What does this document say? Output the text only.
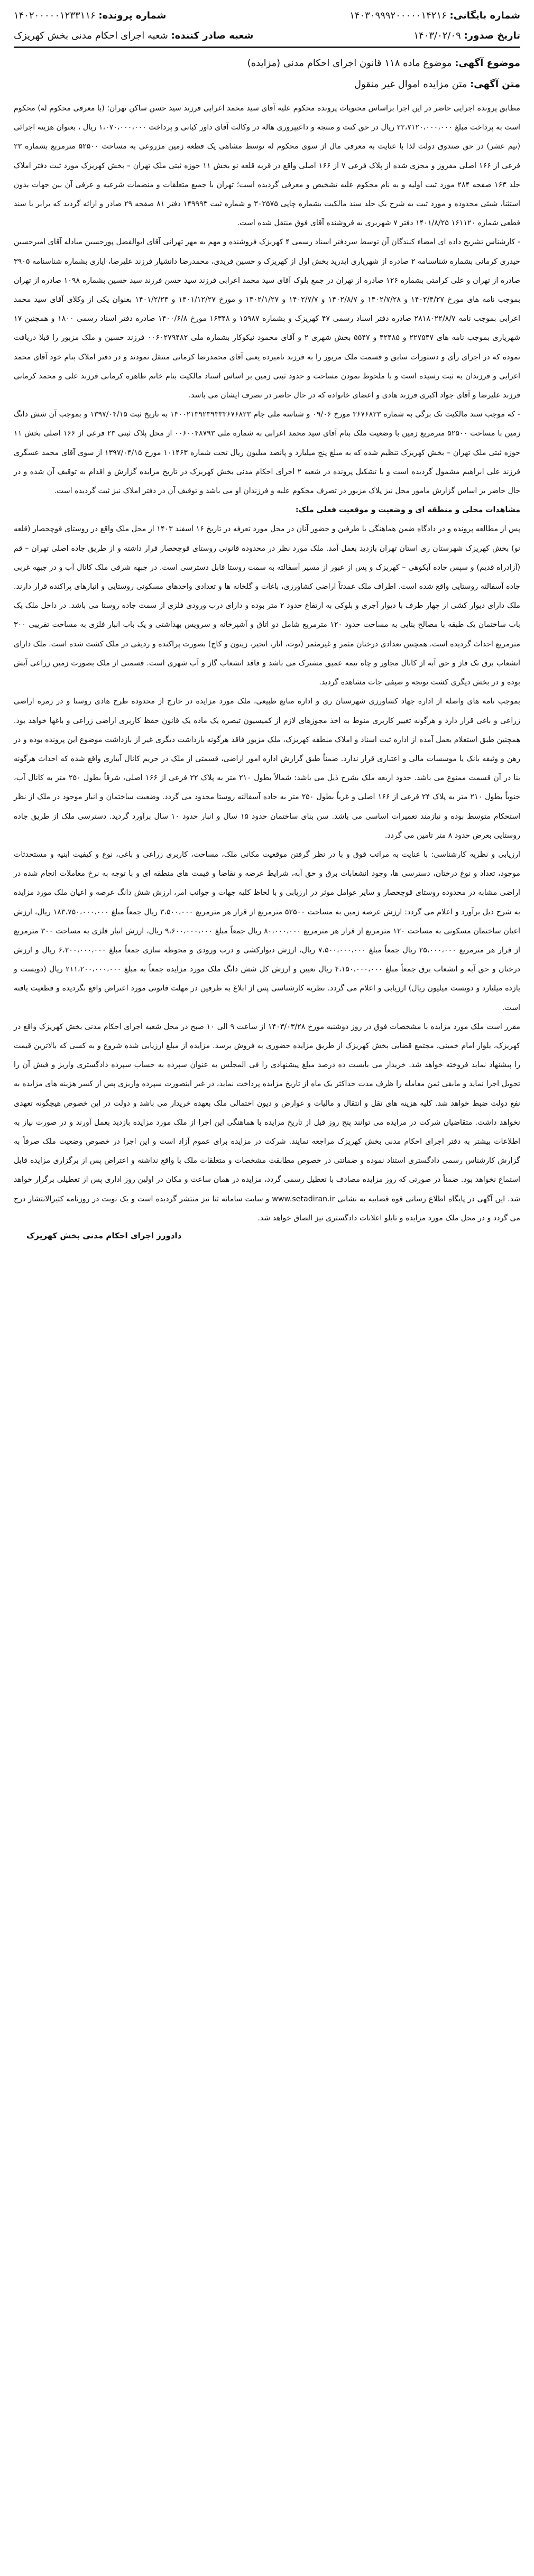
شماره بایگانی: ۱۴۰۳۰۹۹۹۲۰۰۰۰۰۱۴۲۱۶
تاریخ صدور: ۱۴۰۳/۰۲/۰۹
شماره پرونده: ۱۴۰۲۰۰۰۰۰۱۲۳۳۱۱۶
شعبه صادر کننده: شعبه اجرای احکام مدنی بخش کهریزک
موضوع آگهی: موضوع ماده ۱۱۸ قانون اجرای احکام مدنی (مزایده)
متن آگهی: متن مزایده اموال غیر منقول

مطابق پرونده اجرایی حاضر در این اجرا براساس محتویات پرونده محکوم علیه آقای سید محمد اعرابی فرزند سید حسن ساکن تهران؛ (با معرفی محکوم له) محکوم است به پرداخت مبلغ ۲۲،۷۱۲۰،۰۰۰،۰۰۰ ریال در حق کنت و منتجه و داعیپروری هاله در وکالت آقای داور کیانی و پرداخت ۱،۰۷۰،۰۰۰،۰۰۰ ریال ، بعنوان هزینه اجرائی (نیم عشر) در حق صندوق دولت لذا با عنایت به معرفی مال از سوی محکوم له توسط مشاهی یک قطعه زمین مزروعی به مساحت ۵۲۵۰۰ مترمربع بشماره ۲۳ فرعی از ۱۶۶ اصلی مفروز و مجزی شده از پلاک فرعی ۷ از ۱۶۶ اصلی واقع در قریه قلعه نو بخش ۱۱ حوزه ثبتی ملک تهران – بخش کهریزک مورد ثبت دفتر املاک جلد ۱۶۳ صفحه ۲۸۴ مورد ثبت اولیه و به نام محکوم علیه تشخیص و معرفی گردیده است؛ تهران با جمیع متعلقات و منضمات شرعیه و عرفی آن بین جهات بدون استثنا، شیئی محدوده و مورد ثبت به شرح یک جلد سند مالکیت بشماره چاپی ۳۰۲۵۷۵ و شماره ثبت ۱۴۹۹۹۳ دفتر ۸۱ صفحه ۲۹ صادر و ارائه گردید که برابر با سند قطعی شماره ۱۶۱۱۲۰ ۱۴۰۱/۸/۲۵ دفتر ۷ شهریری به فروشنده آقای فوق منتقل شده است.

- کارشناس تشریح داده ای امضاء کنندگان آن توسط سردفتر اسناد رسمی ۴ کهریزک فروشنده و مهم به مهر تهرانی آقای ابوالفضل پورحسین مبادله آقای امیرحسین حیدری کرمانی بشماره شناسنامه ۲ صادره از شهریاری ایدرید بخش اول از کهریزک و حسین فریدی، محمدرضا دانشیار فرزند علیرضا، ایازی بشماره شناسنامه ۳۹۰۵ صادره از تهران و علی کرامتی بشماره ۱۲۶ صادره از تهران در جمع بلوک آقای سید محمد اعرابی فرزند سید حسن فرزند سید حسین بشماره ۱۰۹۸ صادره از تهران بموجب نامه های مورخ ۱۴۰۲/۴/۲۷ و ۱۴۰۲/۷/۲۸ و ۱۴۰۲/۸/۷ و ۱۴۰۲/۷/۷ و ۱۴۰۲/۱/۲۷ و مورخ ۱۴۰۱/۱۲/۲۷ و ۱۴۰۱/۲/۲۴ بعنوان یکی از وکلای آقای سید محمد اعرابی بموجب نامه ۲۸۱۸۰۲۲/۸/۷ صادره دفتر اسناد رسمی ۴۷ کهریزک و بشماره ۱۵۹۸۷ و ۱۶۳۴۸ مورخ ۱۴۰۰/۶/۸ صادره دفتر اسناد رسمی ۱۸۰۰ و همچنین ۱۷ شهریاری بموجب نامه های ۲۲۷۵۴۷ و ۴۲۴۸۵ و ۵۵۴۷ بخش شهری ۲ و آقای محمود نیکوکار بشماره ملی ۰۰۶۰۲۷۹۴۸۲ فرزند حسین و ملک مزبور را قبلا دریافت نموده که در اجرای رأی و دستورات سابق و قسمت ملک مزبور را به فرزند نامبرده یعنی آقای محمدرضا کرمانی منتقل نمودند و در دفتر املاک بنام خود آقای محمد اعرابی و فرزندان به ثبت رسیده است و با ملحوظ نمودن مساحت و حدود ثبتی زمین بر اساس اسناد مالکیت بنام خانم طاهره کرمانی فرزند علی و محمد کرمانی فرزند علیرضا و آقای جواد اکبری فرزند هادی و اعضای خانواده که در حال حاضر در تصرف ایشان می باشد.

- که موجب سند مالکیت تک برگی به شماره ۳۶۷۶۸۲۳ مورخ ۰۹/۰۶ و شناسه ملی جام ۱۴۰۰۲۱۳۹۲۳۹۳۳۳۶۷۶۸۲۳ به تاریخ ثبت ۱۳۹۷/۰۴/۱۵ و بموجب آن شش دانگ زمین با مساحت ۵۲۵۰۰ مترمربع زمین با وضعیت ملک بنام آقای سید محمد اعرابی به شماره ملی ۰۰۶۰۰۴۸۷۹۳ از محل پلاک ثبتی ۲۳ فرعی از ۱۶۶ اصلی بخش ۱۱ حوزه ثبتی ملک تهران – بخش کهریزک تنظیم شده که به مبلغ پنج میلیارد و پانصد میلیون ریال تحت شماره ۱۰۱۴۶۳ مورخ ۱۳۹۷/۰۴/۱۵ از سوی آقای محمد عسگری فرزند علی ابراهیم مشمول گردیده است و با تشکیل پرونده در شعبه ۲ اجرای احکام مدنی بخش کهریزک در تاریخ مزایده گزارش و اقدام به توقیف آن شده و در حال حاضر بر اساس گزارش مامور محل نیز پلاک مزبور در تصرف محکوم علیه و فرزندان او می باشد و توقیف آن در دفتر املاک نیز ثبت گردیده است.

مشاهدات محلی و منطقه ای و وضعیت و موقعیت فعلی ملک:

پس از مطالعه پرونده و در دادگاه ضمن هماهنگی با طرفین و حضور آنان در محل مورد تعرفه در تاریخ ۱۶ اسفند ۱۴۰۳ از محل ملک واقع در روستای قوچحصار (قلعه نو) بخش کهریزک شهرستان ری استان تهران بازدید بعمل آمد. ملک مورد نظر در محدوده قانونی روستای قوچحصار قرار داشته و از طریق جاده اصلی تهران – قم (آزادراه قدیم) و سپس جاده آبکوهی – کهریزک و پس از عبور از مسیر آسفالته به سمت روستا قابل دسترسی است. در جبهه شرقی ملک کانال آب و در جبهه غربی جاده آسفالته روستایی واقع شده است. اطراف ملک عمدتاً اراضی کشاورزی، باغات و گلخانه ها و تعدادی واحدهای مسکونی روستایی و انبارهای پراکنده قرار دارند. ملک دارای دیوار کشی از چهار طرف با دیوار آجری و بلوکی به ارتفاع حدود ۲ متر بوده و دارای درب ورودی فلزی از سمت جاده روستا می باشد. در داخل ملک یک باب ساختمان یک طبقه با مصالح بنایی به مساحت حدود ۱۲۰ مترمربع شامل دو اتاق و آشپزخانه و سرویس بهداشتی و یک باب انبار فلزی به مساحت تقریبی ۳۰۰ مترمربع احداث گردیده است. همچنین تعدادی درختان مثمر و غیرمثمر (توت، انار، انجیر، زیتون و کاج) بصورت پراکنده و ردیفی در ملک کشت شده است. ملک دارای انشعاب برق تک فاز و حق آبه از کانال مجاور و چاه نیمه عمیق مشترک می باشد و فاقد انشعاب گاز و آب شهری است. قسمتی از ملک بصورت زمین زراعی آیش بوده و در بخش دیگری کشت یونجه و صیفی جات مشاهده گردید.

بموجب نامه های واصله از اداره جهاد کشاورزی شهرستان ری و اداره منابع طبیعی، ملک مورد مزایده در خارج از محدوده طرح هادی روستا و در زمره اراضی زراعی و باغی قرار دارد و هرگونه تغییر کاربری منوط به اخذ مجوزهای لازم از کمیسیون تبصره یک ماده یک قانون حفظ کاربری اراضی زراعی و باغها خواهد بود. همچنین طبق استعلام بعمل آمده از اداره ثبت اسناد و املاک منطقه کهریزک، ملک مزبور فاقد هرگونه بازداشت دیگری غیر از بازداشت موضوع این پرونده بوده و در رهن و وثیقه بانک یا موسسات مالی و اعتباری قرار ندارد. ضمناً طبق گزارش اداره امور اراضی، قسمتی از ملک در حریم کانال آبیاری واقع شده که احداث هرگونه بنا در آن قسمت ممنوع می باشد. حدود اربعه ملک بشرح ذیل می باشد: شمالاً بطول ۲۱۰ متر به پلاک ۲۲ فرعی از ۱۶۶ اصلی، شرقاً بطول ۲۵۰ متر به کانال آب، جنوباً بطول ۲۱۰ متر به پلاک ۲۴ فرعی از ۱۶۶ اصلی و غرباً بطول ۲۵۰ متر به جاده آسفالته روستا محدود می گردد. وضعیت ساختمان و انبار موجود در ملک از نظر استحکام متوسط بوده و نیازمند تعمیرات اساسی می باشد. سن بنای ساختمان حدود ۱۵ سال و انبار حدود ۱۰ سال برآورد گردید. دسترسی ملک از طریق جاده روستایی بعرض حدود ۸ متر تامین می گردد.

ارزیابی و نظریه کارشناسی: با عنایت به مراتب فوق و با در نظر گرفتن موقعیت مکانی ملک، مساحت، کاربری زراعی و باغی، نوع و کیفیت ابنیه و مستحدثات موجود، تعداد و نوع درختان، دسترسی ها، وجود انشعابات برق و حق آبه، شرایط عرضه و تقاضا و قیمت های منطقه ای و با توجه به نرخ معاملات انجام شده در اراضی مشابه در محدوده روستای قوچحصار و سایر عوامل موثر در ارزیابی و با لحاظ کلیه جهات و جوانب امر، ارزش شش دانگ عرصه و اعیان ملک مورد مزایده به شرح ذیل برآورد و اعلام می گردد: ارزش عرصه زمین به مساحت ۵۲۵۰۰ مترمربع از قرار هر مترمربع ۳،۵۰۰،۰۰۰ ریال جمعاً مبلغ ۱۸۳،۷۵۰،۰۰۰،۰۰۰ ریال، ارزش اعیان ساختمان مسکونی به مساحت ۱۲۰ مترمربع از قرار هر مترمربع ۸۰،۰۰۰،۰۰۰ ریال جمعاً مبلغ ۹،۶۰۰،۰۰۰،۰۰۰ ریال، ارزش انبار فلزی به مساحت ۳۰۰ مترمربع از قرار هر مترمربع ۲۵،۰۰۰،۰۰۰ ریال جمعاً مبلغ ۷،۵۰۰،۰۰۰،۰۰۰ ریال، ارزش دیوارکشی و درب ورودی و محوطه سازی جمعاً مبلغ ۶،۲۰۰،۰۰۰،۰۰۰ ریال و ارزش درختان و حق آبه و انشعاب برق جمعاً مبلغ ۴،۱۵۰،۰۰۰،۰۰۰ ریال تعیین و ارزش کل شش دانگ ملک مورد مزایده جمعاً به مبلغ ۲۱۱،۲۰۰،۰۰۰،۰۰۰ ریال (دویست و یازده میلیارد و دویست میلیون ریال) ارزیابی و اعلام می گردد. نظریه کارشناسی پس از ابلاغ به طرفین در مهلت قانونی مورد اعتراض واقع نگردیده و قطعیت یافته است.

مقرر است ملک مورد مزایده با مشخصات فوق در روز دوشنبه مورخ ۱۴۰۳/۰۳/۲۸ از ساعت ۹ الی ۱۰ صبح در محل شعبه اجرای احکام مدنی بخش کهریزک واقع در کهریزک، بلوار امام خمینی، مجتمع قضایی بخش کهریزک از طریق مزایده حضوری به فروش برسد. مزایده از مبلغ ارزیابی شده شروع و به کسی که بالاترین قیمت را پیشنهاد نماید فروخته خواهد شد. خریدار می بایست ده درصد مبلغ پیشنهادی را فی المجلس به عنوان سپرده به حساب سپرده دادگستری واریز و فیش آن را تحویل اجرا نماید و مابقی ثمن معامله را ظرف مدت حداکثر یک ماه از تاریخ مزایده پرداخت نماید، در غیر اینصورت سپرده واریزی پس از کسر هزینه های مزایده به نفع دولت ضبط خواهد شد. کلیه هزینه های نقل و انتقال و مالیات و عوارض و دیون احتمالی ملک بعهده خریدار می باشد و دولت در این خصوص هیچگونه تعهدی نخواهد داشت. متقاضیان شرکت در مزایده می توانند پنج روز قبل از تاریخ مزایده با هماهنگی این اجرا از ملک مورد مزایده بازدید بعمل آورند و در صورت نیاز به اطلاعات بیشتر به دفتر اجرای احکام مدنی بخش کهریزک مراجعه نمایند. شرکت در مزایده برای عموم آزاد است و این اجرا در خصوص وضعیت ملک صرفاً به گزارش کارشناس رسمی دادگستری استناد نموده و ضمانتی در خصوص مطابقت مشخصات و متعلقات ملک با واقع نداشته و اعتراض پس از برگزاری مزایده قابل استماع نخواهد بود. ضمناً در صورتی که روز مزایده مصادف با تعطیل رسمی گردد، مزایده در همان ساعت و مکان در اولین روز اداری پس از تعطیلی برگزار خواهد شد. این آگهی در پایگاه اطلاع رسانی قوه قضاییه به نشانی www.setadiran.ir و سایت سامانه ثنا نیز منتشر گردیده است و یک نوبت در روزنامه کثیرالانتشار درج می گردد و در محل ملک مورد مزایده و تابلو اعلانات دادگستری نیز الصاق خواهد شد.

دادورز اجرای احکام مدنی بخش کهریزک
